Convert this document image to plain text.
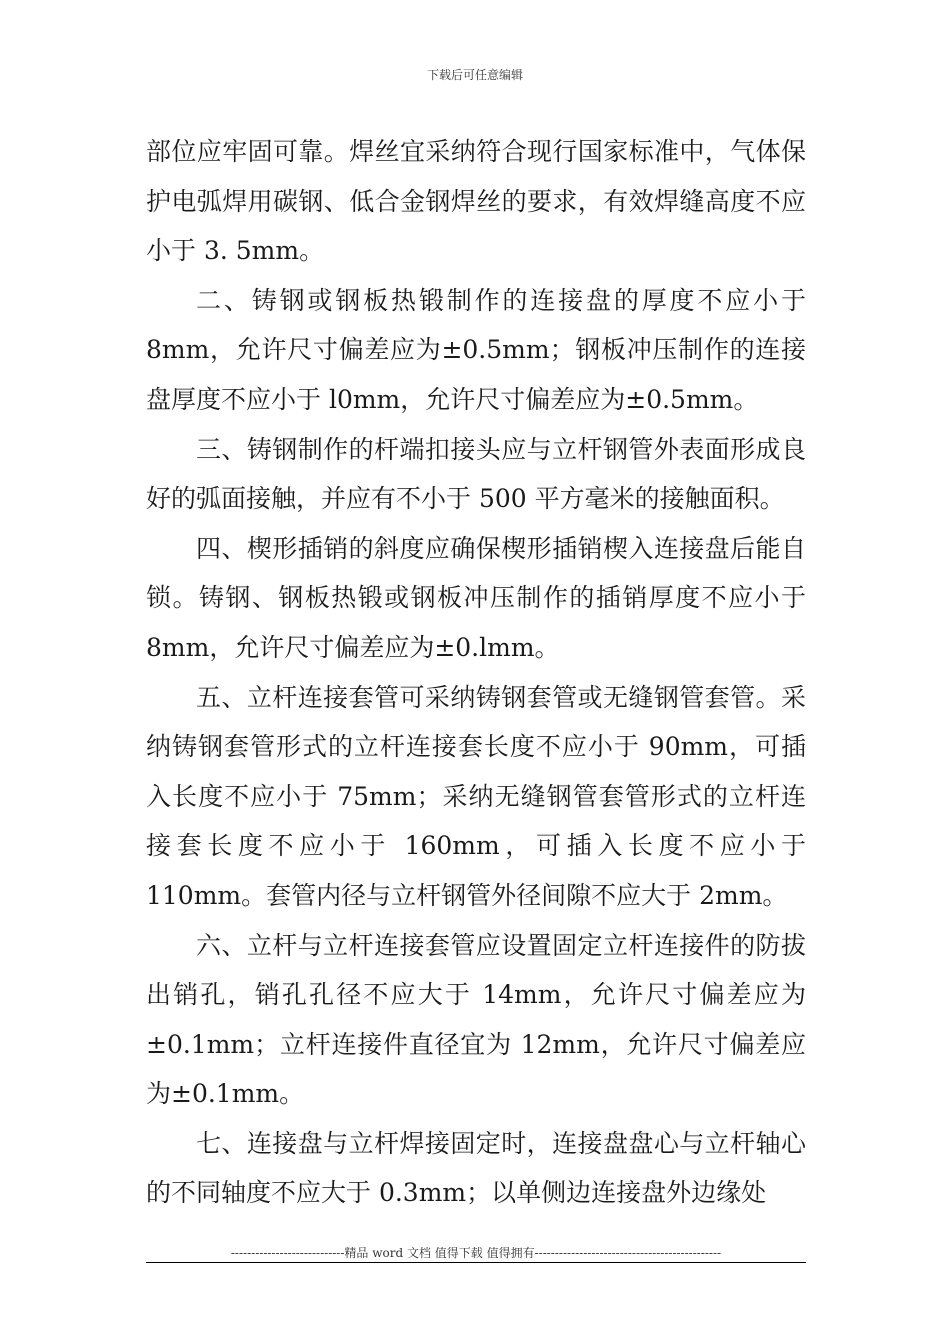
下载后可任意编辑

部位应牢固可靠。焊丝宜采纳符合现行国家标准中，气体保护电弧焊用碳钢、低合金钢焊丝的要求，有效焊缝高度不应小于 3. 5mm。

二、铸钢或钢板热锻制作的连接盘的厚度不应小于8mm，允许尺寸偏差应为±0.5mm；钢板冲压制作的连接盘厚度不应小于 l0mm，允许尺寸偏差应为±0.5mm。

三、铸钢制作的杆端扣接头应与立杆钢管外表面形成良好的弧面接触，并应有不小于 500 平方毫米的接触面积。

四、楔形插销的斜度应确保楔形插销楔入连接盘后能自锁。铸钢、钢板热锻或钢板冲压制作的插销厚度不应小于 8mm，允许尺寸偏差应为±0.lmm。

五、立杆连接套管可采纳铸钢套管或无缝钢管套管。采纳铸钢套管形式的立杆连接套长度不应小于 90mm，可插入长度不应小于 75mm；采纳无缝钢管套管形式的立杆连接套长度不应小于 160mm，可插入长度不应小于 110mm。套管内径与立杆钢管外径间隙不应大于 2mm。

六、立杆与立杆连接套管应设置固定立杆连接件的防拔出销孔，销孔孔径不应大于 14mm，允许尺寸偏差应为±0.1mm；立杆连接件直径宜为 12mm，允许尺寸偏差应为±0.1mm。

七、连接盘与立杆焊接固定时，连接盘盘心与立杆轴心的不同轴度不应大于 0.3mm；以单侧边连接盘外边缘处

----------------------------精品 word 文档 值得下载 值得拥有----------------------------------------------
